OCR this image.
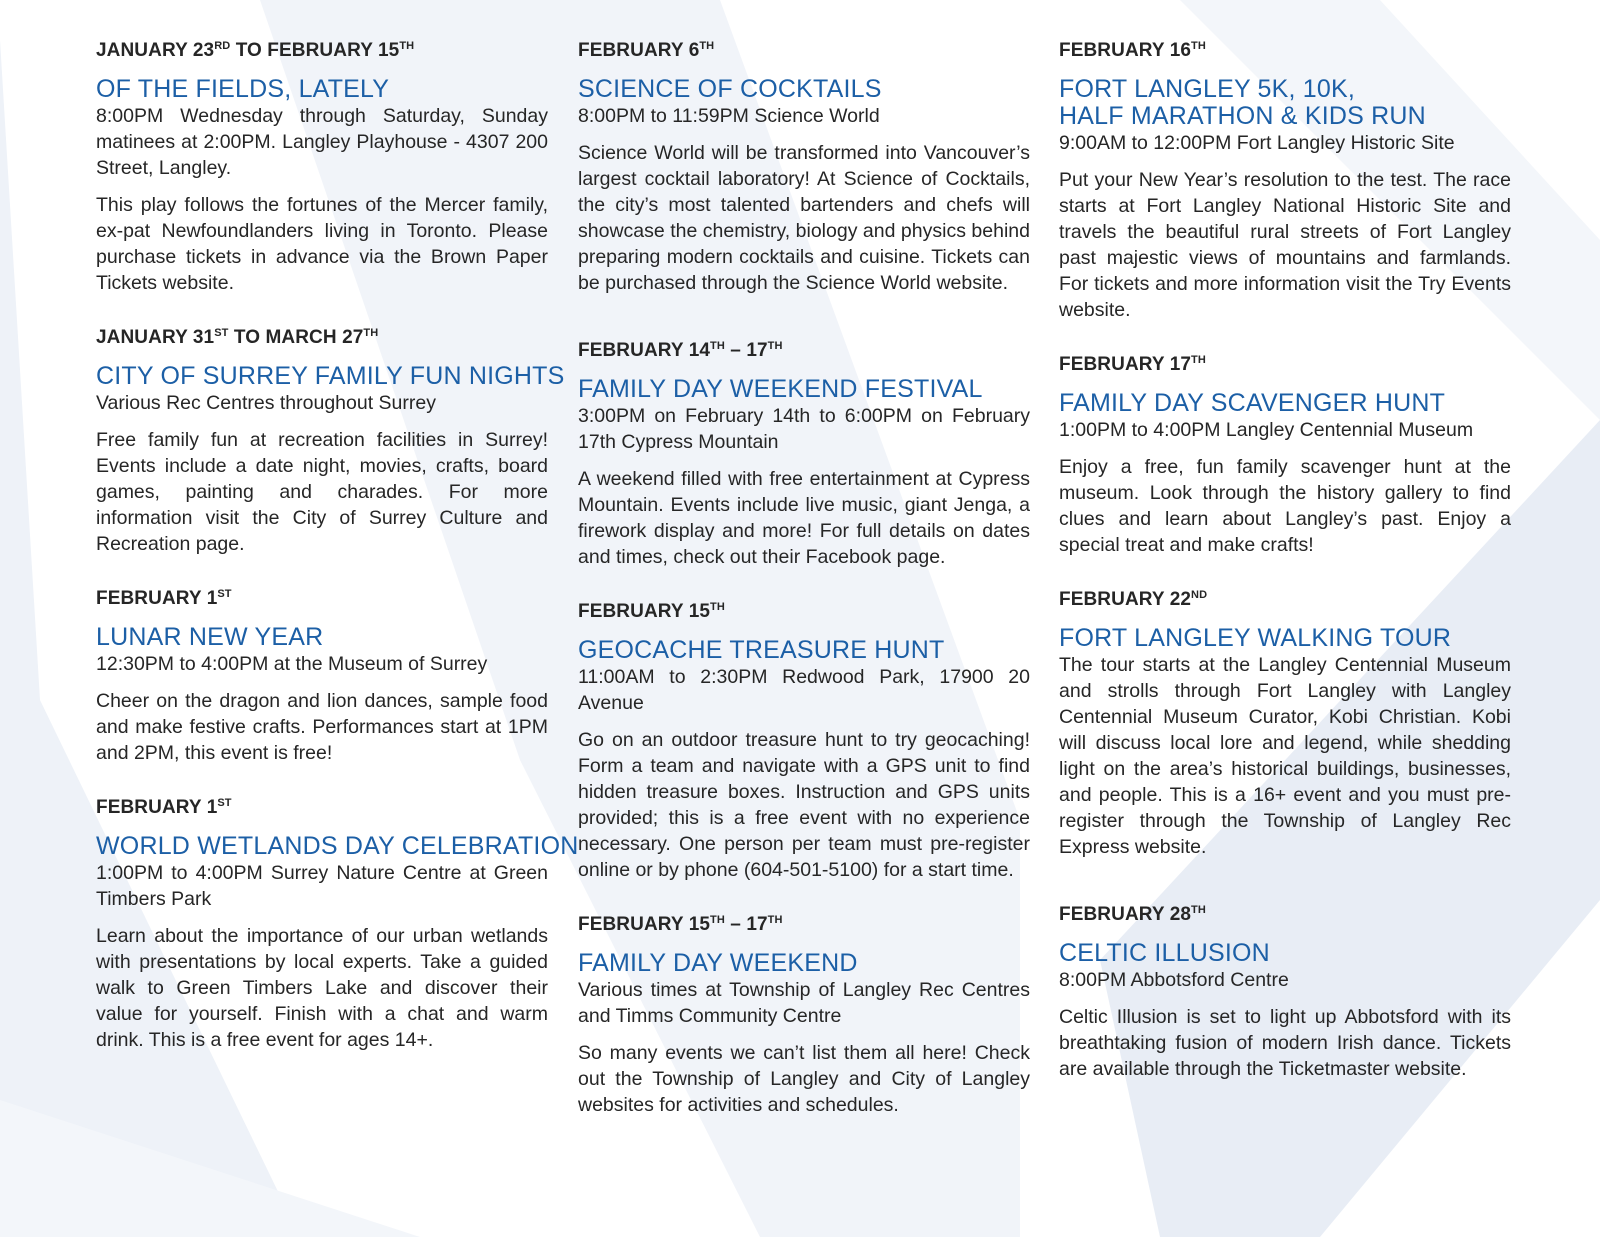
JANUARY 23RD TO FEBRUARY 15TH
OF THE FIELDS, LATELY
8:00PM Wednesday through Saturday, Sunday matinees at 2:00PM. Langley Playhouse - 4307 200 Street, Langley.
This play follows the fortunes of the Mercer family, ex-pat Newfoundlanders living in Toronto. Please purchase tickets in advance via the Brown Paper Tickets website.
JANUARY 31ST TO MARCH 27TH
CITY OF SURREY FAMILY FUN NIGHTS
Various Rec Centres throughout Surrey
Free family fun at recreation facilities in Surrey! Events include a date night, movies, crafts, board games, painting and charades. For more information visit the City of Surrey Culture and Recreation page.
FEBRUARY 1ST
LUNAR NEW YEAR
12:30PM to 4:00PM at the Museum of Surrey
Cheer on the dragon and lion dances, sample food and make festive crafts. Performances start at 1PM and 2PM, this event is free!
FEBRUARY 1ST
WORLD WETLANDS DAY CELEBRATION
1:00PM to 4:00PM Surrey Nature Centre at Green Timbers Park
Learn about the importance of our urban wetlands with presentations by local experts. Take a guided walk to Green Timbers Lake and discover their value for yourself. Finish with a chat and warm drink. This is a free event for ages 14+.
FEBRUARY 6TH
SCIENCE OF COCKTAILS
8:00PM to 11:59PM Science World
Science World will be transformed into Vancouver’s largest cocktail laboratory! At Science of Cocktails, the city’s most talented bartenders and chefs will showcase the chemistry, biology and physics behind preparing modern cocktails and cuisine. Tickets can be purchased through the Science World website.
FEBRUARY 14TH – 17TH
FAMILY DAY WEEKEND FESTIVAL
3:00PM on February 14th to 6:00PM on February 17th Cypress Mountain
A weekend filled with free entertainment at Cypress Mountain. Events include live music, giant Jenga, a firework display and more! For full details on dates and times, check out their Facebook page.
FEBRUARY 15TH
GEOCACHE TREASURE HUNT
11:00AM to 2:30PM Redwood Park, 17900 20 Avenue
Go on an outdoor treasure hunt to try geocaching! Form a team and navigate with a GPS unit to find hidden treasure boxes. Instruction and GPS units provided; this is a free event with no experience necessary. One person per team must pre-register online or by phone (604-501-5100) for a start time.
FEBRUARY 15TH – 17TH
FAMILY DAY WEEKEND
Various times at Township of Langley Rec Centres and Timms Community Centre
So many events we can’t list them all here! Check out the Township of Langley and City of Langley websites for activities and schedules.
FEBRUARY 16TH
FORT LANGLEY 5K, 10K,
HALF MARATHON & KIDS RUN
9:00AM to 12:00PM Fort Langley Historic Site
Put your New Year’s resolution to the test. The race starts at Fort Langley National Historic Site and travels the beautiful rural streets of Fort Langley past majestic views of mountains and farmlands. For tickets and more information visit the Try Events website.
FEBRUARY 17TH
FAMILY DAY SCAVENGER HUNT
1:00PM to 4:00PM Langley Centennial Museum
Enjoy a free, fun family scavenger hunt at the museum. Look through the history gallery to find clues and learn about Langley’s past. Enjoy a special treat and make crafts!
FEBRUARY 22ND
FORT LANGLEY WALKING TOUR
The tour starts at the Langley Centennial Museum and strolls through Fort Langley with Langley Centennial Museum Curator, Kobi Christian. Kobi will discuss local lore and legend, while shedding light on the area’s historical buildings, businesses, and people. This is a 16+ event and you must pre-register through the Township of Langley Rec Express website.
FEBRUARY 28TH
CELTIC ILLUSION
8:00PM Abbotsford Centre
Celtic Illusion is set to light up Abbotsford with its breathtaking fusion of modern Irish dance. Tickets are available through the Ticketmaster website.
